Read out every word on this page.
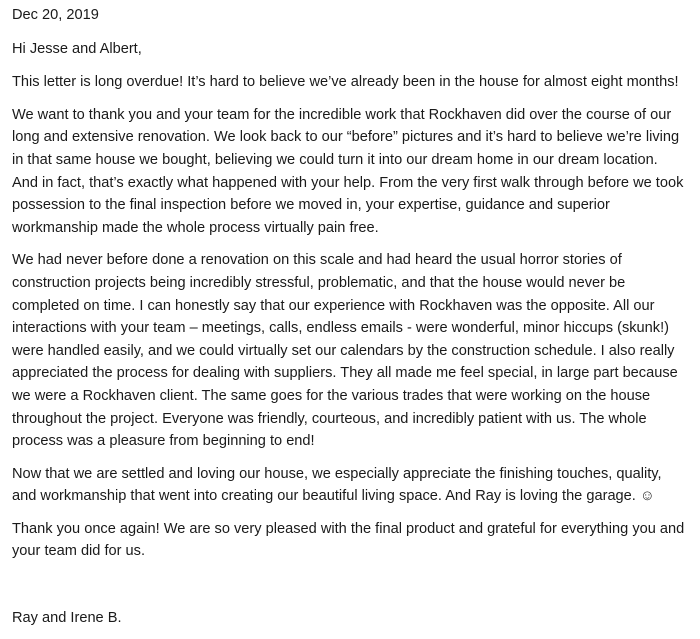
Dec 20, 2019

Hi Jesse and Albert,

This letter is long overdue! It’s hard to believe we’ve already been in the house for almost eight months!

We want to thank you and your team for the incredible work that Rockhaven did over the course of our long and extensive renovation. We look back to our “before” pictures and it’s hard to believe we’re living in that same house we bought, believing we could turn it into our dream home in our dream location. And in fact, that’s exactly what happened with your help. From the very first walk through before we took possession to the final inspection before we moved in, your expertise, guidance and superior workmanship made the whole process virtually pain free.

We had never before done a renovation on this scale and had heard the usual horror stories of construction projects being incredibly stressful, problematic, and that the house would never be completed on time. I can honestly say that our experience with Rockhaven was the opposite. All our interactions with your team – meetings, calls, endless emails - were wonderful, minor hiccups (skunk!) were handled easily, and we could virtually set our calendars by the construction schedule. I also really appreciated the process for dealing with suppliers. They all made me feel special, in large part because we were a Rockhaven client. The same goes for the various trades that were working on the house throughout the project. Everyone was friendly, courteous, and incredibly patient with us. The whole process was a pleasure from beginning to end!

Now that we are settled and loving our house, we especially appreciate the finishing touches, quality, and workmanship that went into creating our beautiful living space. And Ray is loving the garage. ☺

Thank you once again! We are so very pleased with the final product and grateful for everything you and your team did for us.

Ray and Irene B.
